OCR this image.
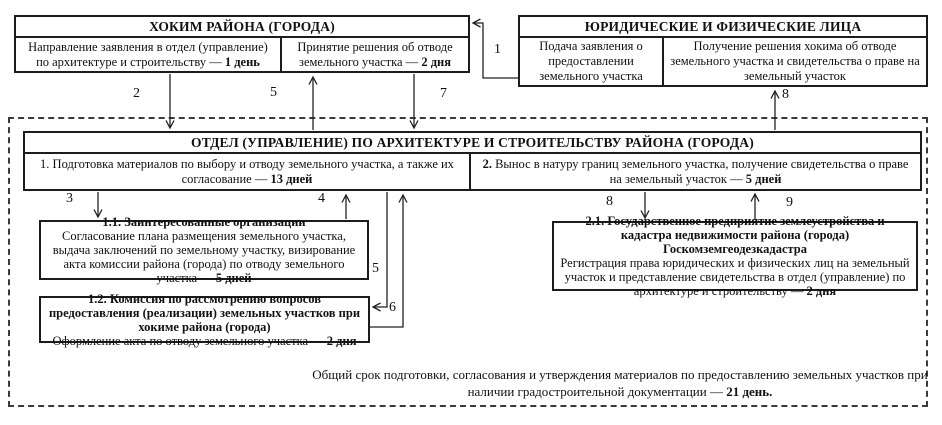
ХОКИМ РАЙОНА (ГОРОДА)
Направление заявления в отдел (управление) по архитектуре и строительству — 1 день
Принятие решения об отводе земельного участка — 2 дня
ЮРИДИЧЕСКИЕ И ФИЗИЧЕСКИЕ ЛИЦА
Подача заявления о предоставлении земельного участка
Получение решения хокима об отводе земельного участка и свидетельства о праве на земельный участок
ОТДЕЛ (УПРАВЛЕНИЕ) ПО АРХИТЕКТУРЕ И СТРОИТЕЛЬСТВУ РАЙОНА (ГОРОДА)
1. Подготовка материалов по выбору и отводу земельного участка, а также их согласование — 13 дней
2. Вынос в натуру границ земельного участка, получение свидетельства о праве на земельный участок — 5 дней
1.1. Заинтересованные организации
Согласование плана размещения земельного участка, выдача заключений по земельному участку, визирование акта комиссии района (города) по отводу земельного участка — 5 дней
1.2. Комиссия по рассмотрению вопросов предоставления (реализации) земельных участков при хокиме района (города)
Оформление акта по отводу земельного участка — 2 дня
2.1. Государственное предприятие землеустройства и кадастра недвижимости района (города) Госкомземгеодезкадастра
Регистрация права юридических и физических лиц на земельный участок и представление свидетельства в отдел (управление) по архитектуре и строительству — 2 дня
Общий срок подготовки, согласования и утверждения материалов по предоставлению земельных участков при наличии градостроительной документации — 21 день.
1
2	5	7	8
3	4	8	9
5
6
